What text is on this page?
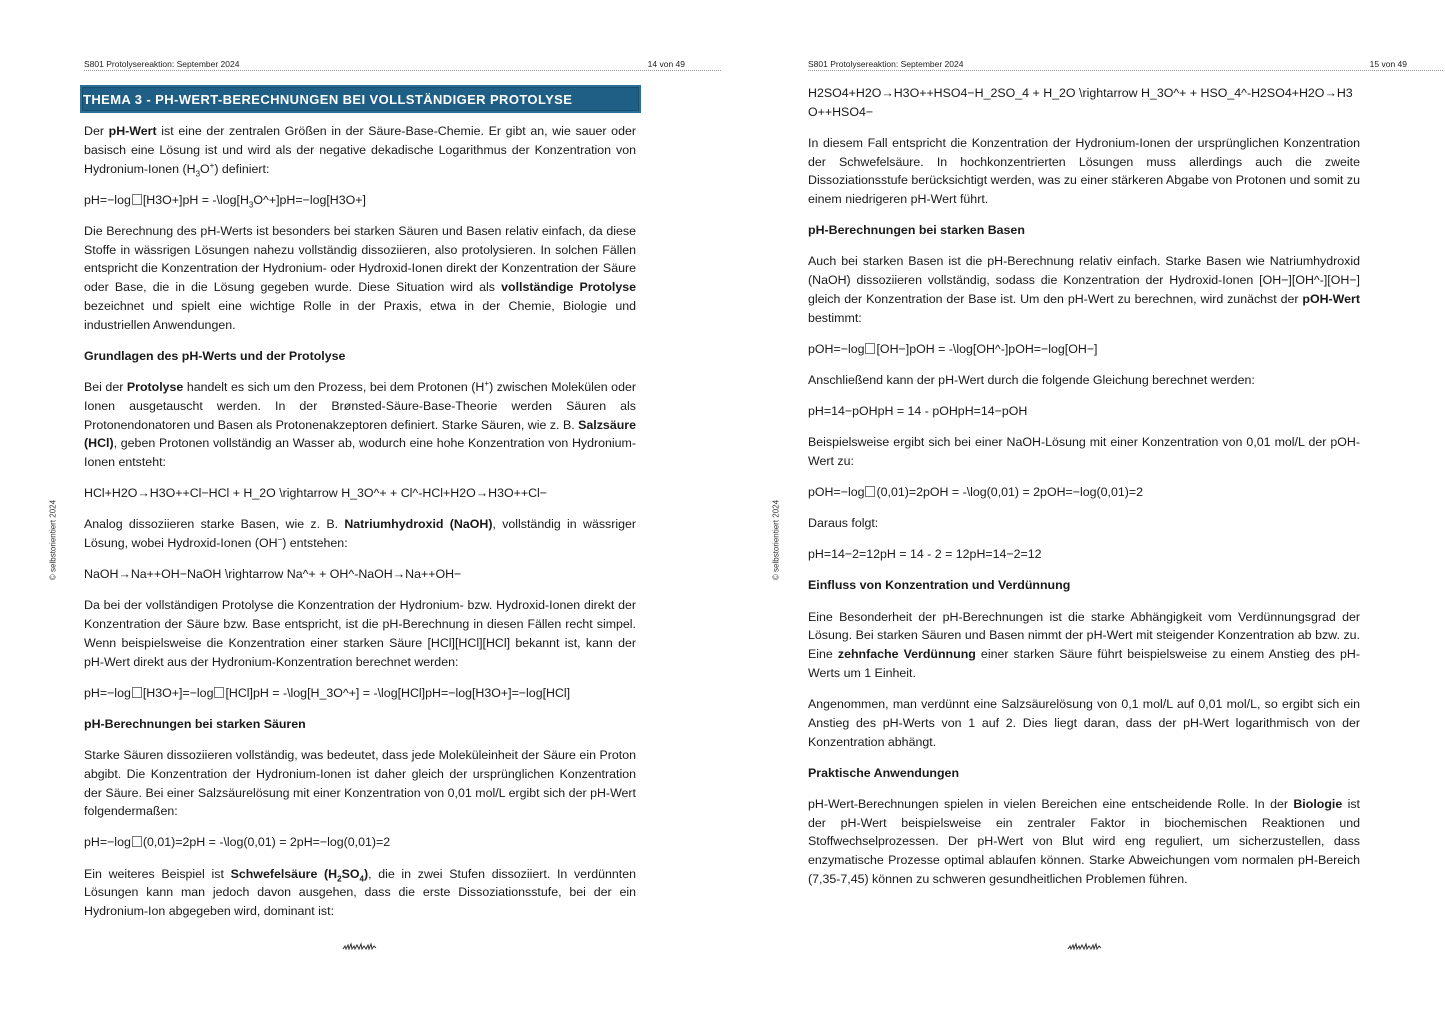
S801 Protolysereaktion: September 2024	14 von 49
© selbstorientiert 2024
THEMA 3 - PH-WERT-BERECHNUNGEN BEI VOLLSTÄNDIGER PROTOLYSE

Der pH-Wert ist eine der zentralen Größen in der Säure-Base-Chemie. Er gibt an, wie sauer oder basisch eine Lösung ist und wird als der negative dekadische Logarithmus der Konzentration von Hydronium-Ionen $(H_3O^+)$ definiert:

pH=−log $[H3O+]pH = -\backslash\log[H_3O\^{}+]pH=-\log[H3O+]$

Die Berechnung des pH-Werts ist besonders bei starken Säuren und Basen relativ einfach, da diese Stoffe in wässrigen Lösungen nahezu vollständig dissoziieren, also protolysieren. In solchen Fällen entspricht die Konzentration der Hydronium- oder Hydroxid-Ionen direkt der Konzentration der Säure oder Base, die in die Lösung gegeben wurde. Diese Situation wird als vollständige Protolyse bezeichnet und spielt eine wichtige Rolle in der Praxis, etwa in der Chemie, Biologie und industriellen Anwendungen.

Grundlagen des pH-Werts und der Protolyse

Bei der Protolyse handelt es sich um den Prozess, bei dem Protonen (H+) zwischen Molekülen oder Ionen ausgetauscht werden. In der Brønsted-Säure-Base-Theorie werden Säuren als Protonendonatoren und Basen als Protonenakzeptoren definiert. Starke Säuren, wie z. B. Salzsäure (HCl), geben Protonen vollständig an Wasser ab, wodurch eine hohe Konzentration von Hydronium-Ionen entsteht:

HCl+H2O→H3O++Cl−HCl + H_2O \rightarrow H_3O^+ + Cl^-HCl+H2O→H3O++Cl−

Analog dissoziieren starke Basen, wie z. B. Natriumhydroxid (NaOH), vollständig in wässriger Lösung, wobei Hydroxid-Ionen (OH−) entstehen:

NaOH→Na++OH−NaOH \rightarrow Na^+ + OH^-NaOH→Na++OH−

Da bei der vollständigen Protolyse die Konzentration der Hydronium- bzw. Hydroxid-Ionen direkt der Konzentration der Säure bzw. Base entspricht, ist die pH-Berechnung in diesen Fällen recht simpel. Wenn beispielsweise die Konzentration einer starken Säure [HCl][HCl][HCl] bekannt ist, kann der pH-Wert direkt aus der Hydronium-Konzentration berechnet werden:

pH=−log [H3O+]=−log [HCl]pH = -\log[H_3O^+] = -\log[HCl]pH=−log[H3O+]=−log[HCl]

pH-Berechnungen bei starken Säuren

Starke Säuren dissoziieren vollständig, was bedeutet, dass jede Moleküleinheit der Säure ein Proton abgibt. Die Konzentration der Hydronium-Ionen ist daher gleich der ursprünglichen Konzentration der Säure. Bei einer Salzsäurelösung mit einer Konzentration von 0,01 mol/L ergibt sich der pH-Wert folgendermaßen:

pH=−log (0,01)=2pH = -\log(0,01) = 2pH=−log(0,01)=2

Ein weiteres Beispiel ist Schwefelsäure $(H_2SO_4)$, die in zwei Stufen dissoziiert. In verdünnten Lösungen kann man jedoch davon ausgehen, dass die erste Dissoziationsstufe, bei der ein Hydronium-Ion abgegeben wird, dominant ist:

S801 Protolysereaktion: September 2024	15 von 49
© selbstorientiert 2024

H2SO4+H2O→H3O++HSO4−H_2SO_4 + H_2O \rightarrow H_3O^+ + HSO_4^-H2SO4+H2O→H3O++HSO4−

In diesem Fall entspricht die Konzentration der Hydronium-Ionen der ursprünglichen Konzentration der Schwefelsäure. In hochkonzentrierten Lösungen muss allerdings auch die zweite Dissoziationsstufe berücksichtigt werden, was zu einer stärkeren Abgabe von Protonen und somit zu einem niedrigeren pH-Wert führt.

pH-Berechnungen bei starken Basen

Auch bei starken Basen ist die pH-Berechnung relativ einfach. Starke Basen wie Natriumhydroxid (NaOH) dissoziieren vollständig, sodass die Konzentration der Hydroxid-Ionen [OH−][OH^-][OH−] gleich der Konzentration der Base ist. Um den pH-Wert zu berechnen, wird zunächst der pOH-Wert bestimmt:

pOH=−log [OH−]pOH = -\log[OH^-]pOH=−log[OH−]

Anschließend kann der pH-Wert durch die folgende Gleichung berechnet werden:

pH=14−pOHpH = 14 - pOHpH=14−pOH

Beispielsweise ergibt sich bei einer NaOH-Lösung mit einer Konzentration von 0,01 mol/L der pOH-Wert zu:

pOH=−log (0,01)=2pOH = -\log(0,01) = 2pOH=−log(0,01)=2

Daraus folgt:

pH=14−2=12pH = 14 - 2 = 12pH=14−2=12

Einfluss von Konzentration und Verdünnung

Eine Besonderheit der pH-Berechnungen ist die starke Abhängigkeit vom Verdünnungsgrad der Lösung. Bei starken Säuren und Basen nimmt der pH-Wert mit steigender Konzentration ab bzw. zu. Eine zehnfache Verdünnung einer starken Säure führt beispielsweise zu einem Anstieg des pH-Werts um 1 Einheit.

Angenommen, man verdünnt eine Salzsäurelösung von 0,1 mol/L auf 0,01 mol/L, so ergibt sich ein Anstieg des pH-Werts von 1 auf 2. Dies liegt daran, dass der pH-Wert logarithmisch von der Konzentration abhängt.

Praktische Anwendungen

pH-Wert-Berechnungen spielen in vielen Bereichen eine entscheidende Rolle. In der Biologie ist der pH-Wert beispielsweise ein zentraler Faktor in biochemischen Reaktionen und Stoffwechselprozessen. Der pH-Wert von Blut wird eng reguliert, um sicherzustellen, dass enzymatische Prozesse optimal ablaufen können. Starke Abweichungen vom normalen pH-Bereich (7,35-7,45) können zu schweren gesundheitlichen Problemen führen.
